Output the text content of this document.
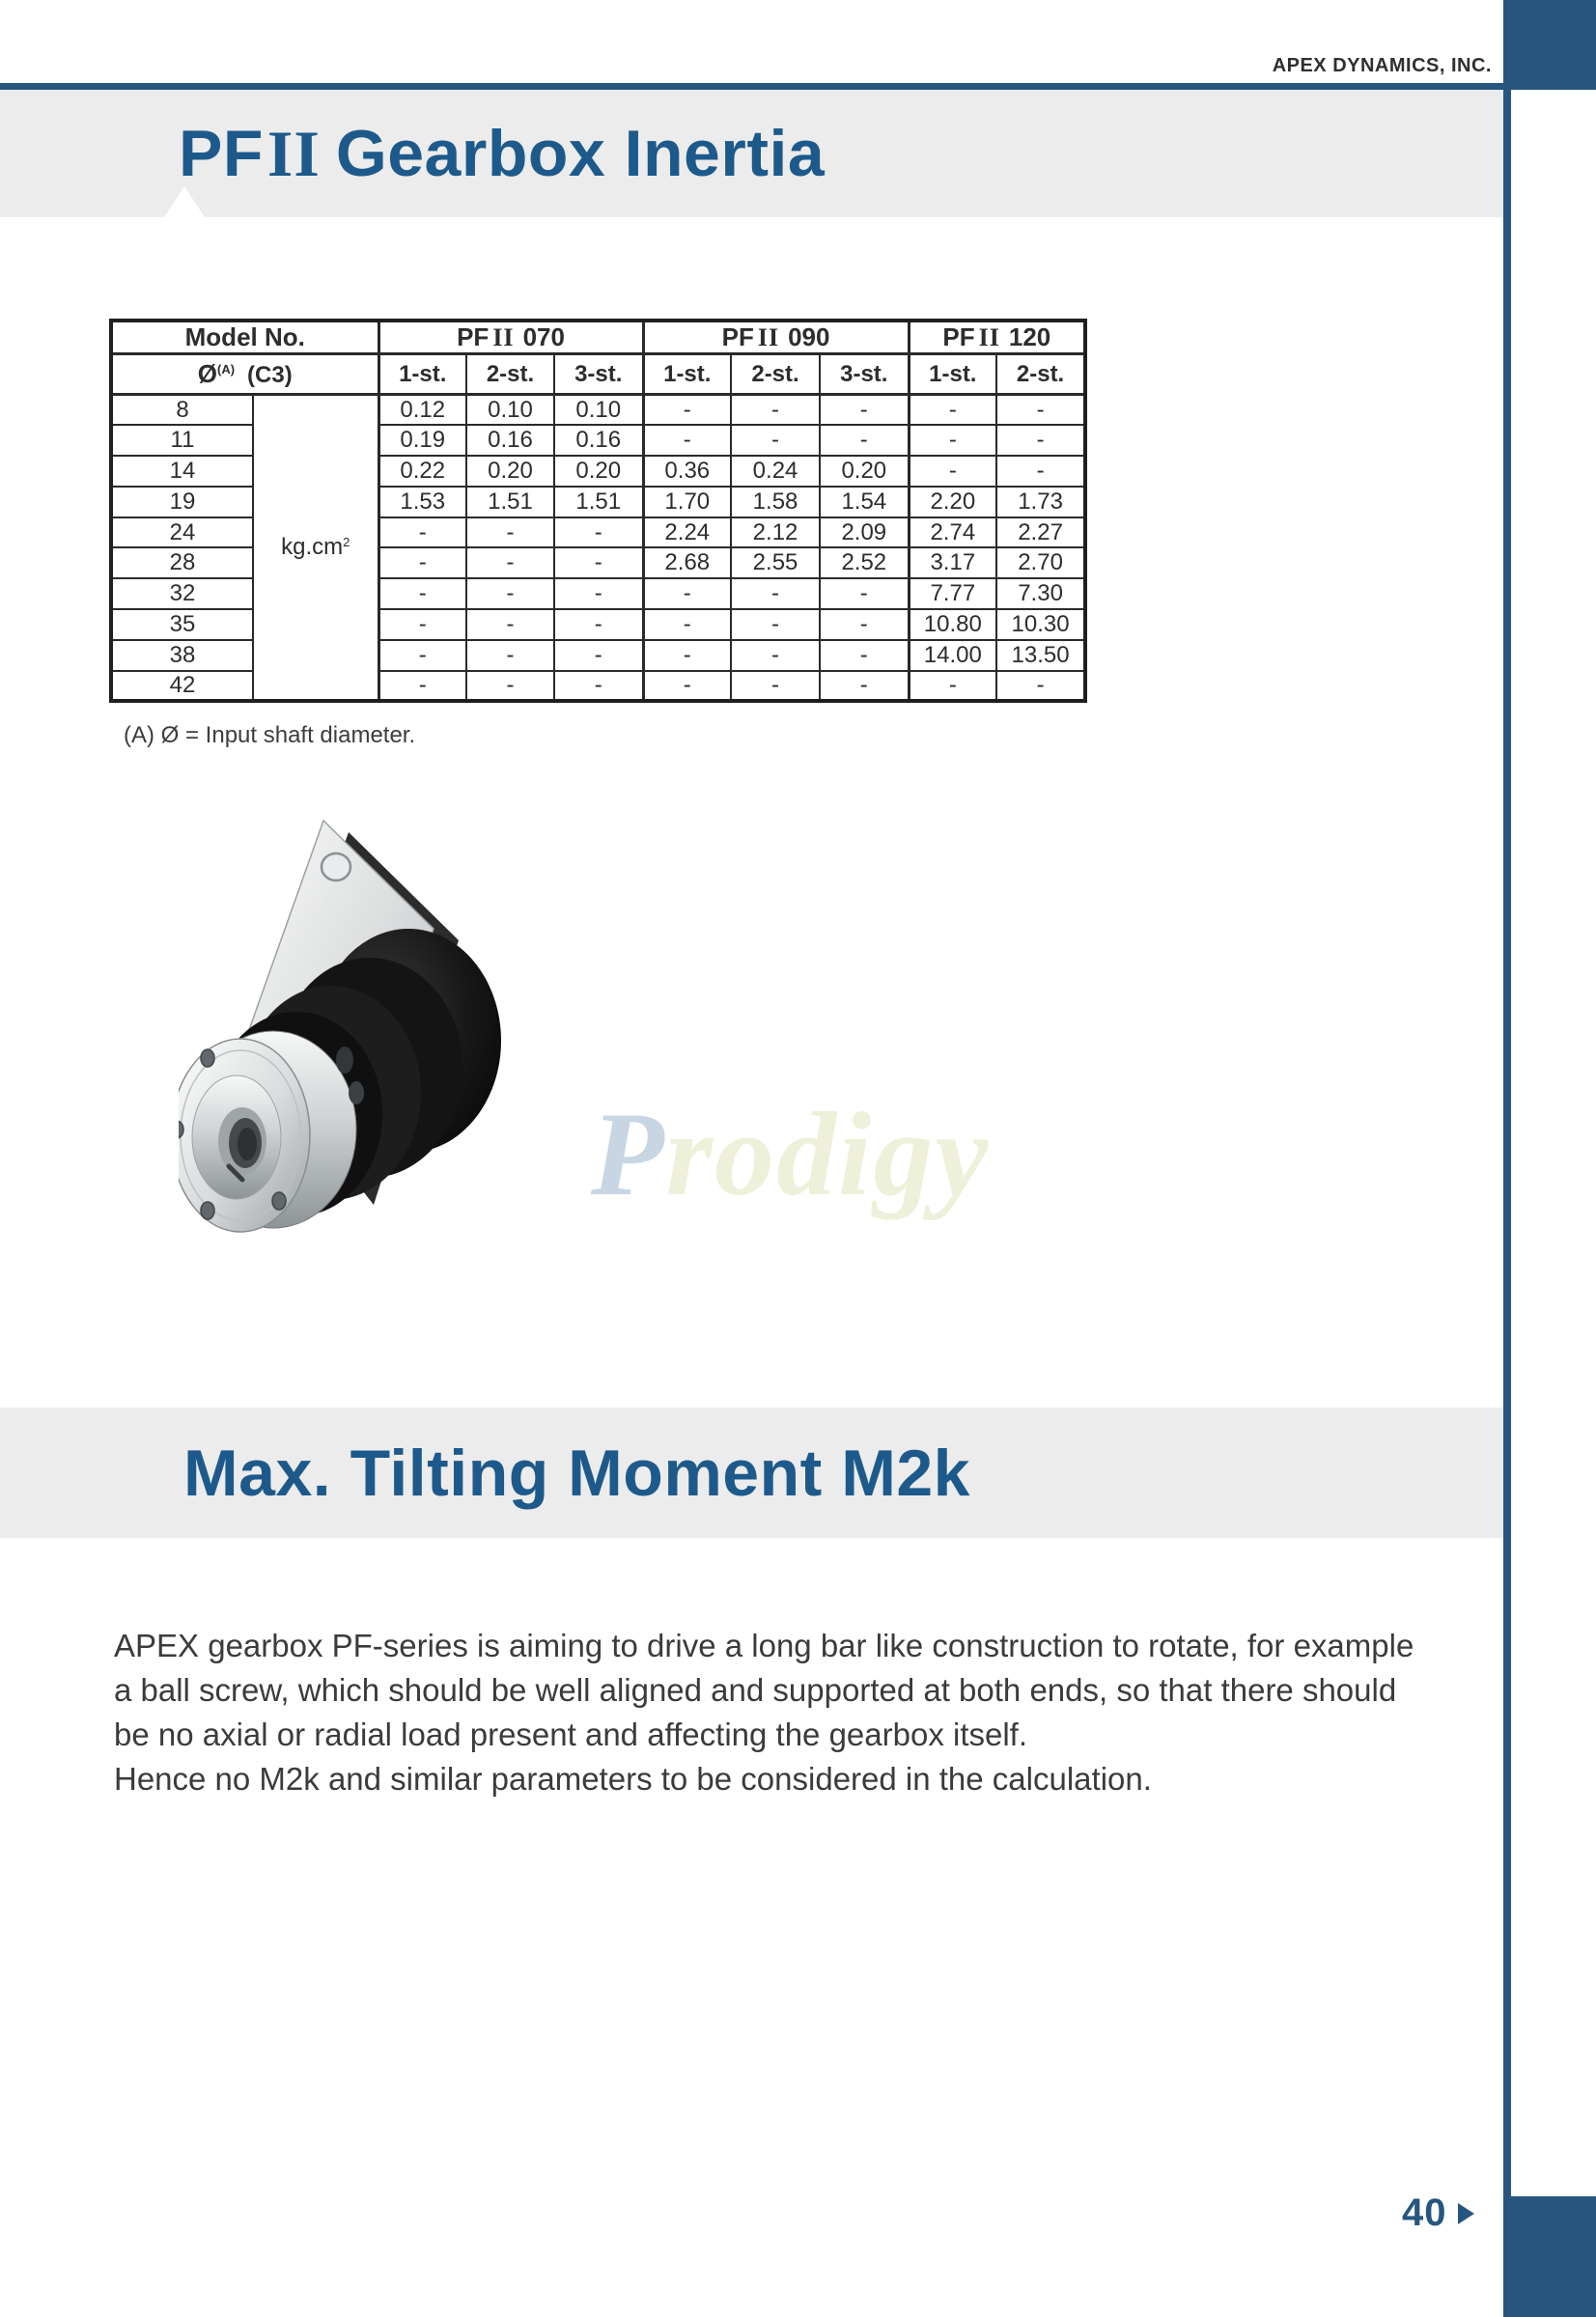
APEX DYNAMICS, INC.
PFII Gearbox Inertia
Model No.		PF II 070			PF II 090			PF II 120	
$Ø^{(A)}$ (C3)		1-st.	2-st.	3-st.	1-st.	2-st.	3-st.	1-st.	2-st.
8	$kg.cm^2$	0.12	0.10	0.10	-	-	-	-	-
11		0.19	0.16	0.16	-	-	-	-	-
14		0.22	0.20	0.20	0.36	0.24	0.20	-	-
19		1.53	1.51	1.51	1.70	1.58	1.54	2.20	1.73
24		-	-	-	2.24	2.12	2.09	2.74	2.27
28		-	-	-	2.68	2.55	2.52	3.17	2.70
32		-	-	-	-	-	-	7.77	7.30
35		-	-	-	-	-	-	10.80	10.30
38		-	-	-	-	-	-	14.00	13.50
42		-	-	-	-	-	-	-	-
(A) Ø = Input shaft diameter.
Prodigy
Max. Tilting Moment M2k
APEX gearbox PF-series is aiming to drive a long bar like construction to rotate, for example
a ball screw, which should be well aligned and supported at both ends, so that there should
be no axial or radial load present and affecting the gearbox itself.
Hence no M2k and similar parameters to be considered in the calculation.
40
